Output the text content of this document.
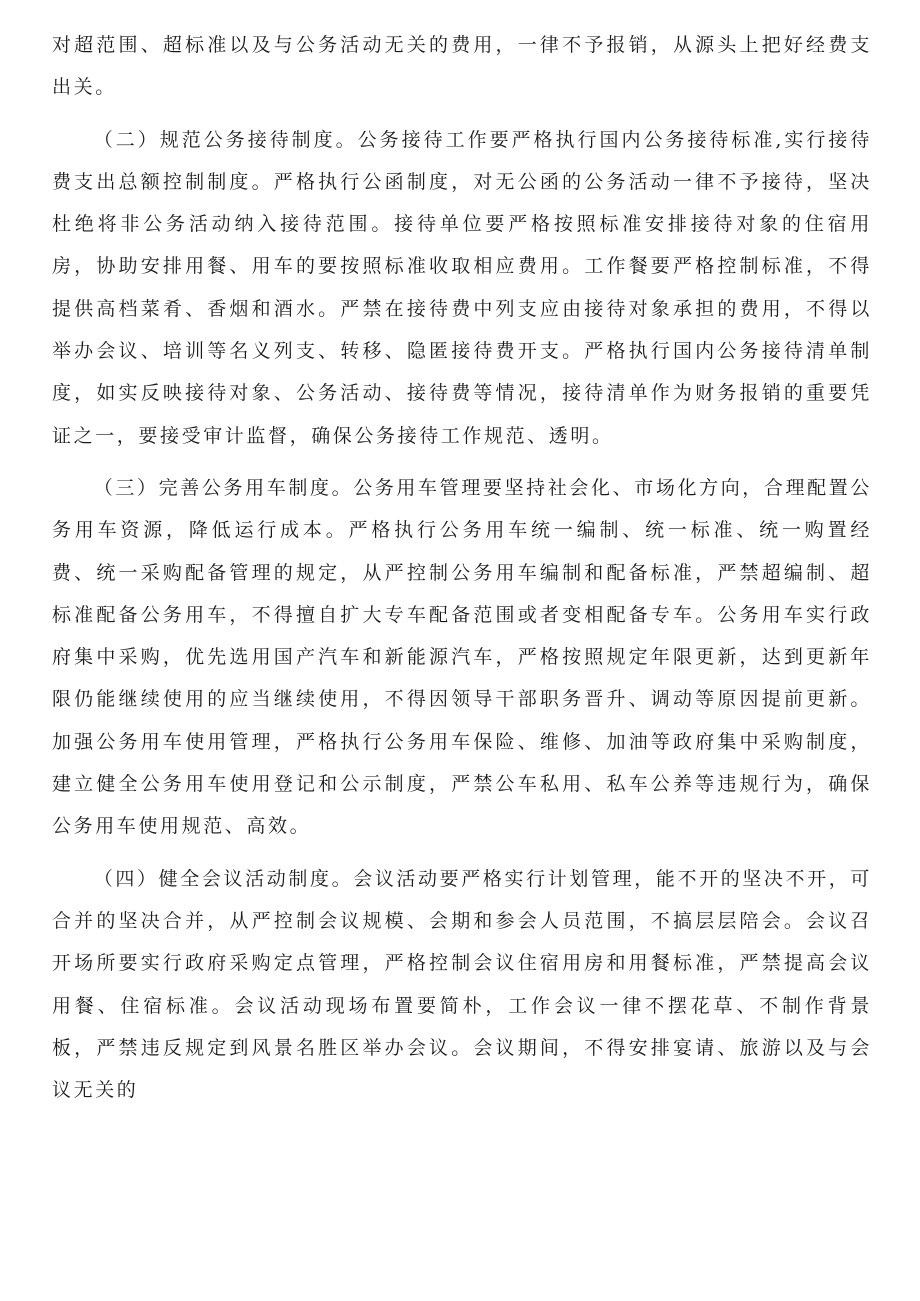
对超范围、超标准以及与公务活动无关的费用，一律不予报销，从源头上把好经费支出关。

（二）规范公务接待制度。公务接待工作要严格执行国内公务接待标准,实行接待费支出总额控制制度。严格执行公函制度，对无公函的公务活动一律不予接待，坚决杜绝将非公务活动纳入接待范围。接待单位要严格按照标准安排接待对象的住宿用房，协助安排用餐、用车的要按照标准收取相应费用。工作餐要严格控制标准，不得提供高档菜肴、香烟和酒水。严禁在接待费中列支应由接待对象承担的费用，不得以举办会议、培训等名义列支、转移、隐匿接待费开支。严格执行国内公务接待清单制度，如实反映接待对象、公务活动、接待费等情况，接待清单作为财务报销的重要凭证之一，要接受审计监督，确保公务接待工作规范、透明。

（三）完善公务用车制度。公务用车管理要坚持社会化、市场化方向，合理配置公务用车资源，降低运行成本。严格执行公务用车统一编制、统一标准、统一购置经费、统一采购配备管理的规定，从严控制公务用车编制和配备标准，严禁超编制、超标准配备公务用车，不得擅自扩大专车配备范围或者变相配备专车。公务用车实行政府集中采购，优先选用国产汽车和新能源汽车，严格按照规定年限更新，达到更新年限仍能继续使用的应当继续使用，不得因领导干部职务晋升、调动等原因提前更新。加强公务用车使用管理，严格执行公务用车保险、维修、加油等政府集中采购制度，建立健全公务用车使用登记和公示制度，严禁公车私用、私车公养等违规行为，确保公务用车使用规范、高效。

（四）健全会议活动制度。会议活动要严格实行计划管理，能不开的坚决不开，可合并的坚决合并，从严控制会议规模、会期和参会人员范围，不搞层层陪会。会议召开场所要实行政府采购定点管理，严格控制会议住宿用房和用餐标准，严禁提高会议用餐、住宿标准。会议活动现场布置要简朴，工作会议一律不摆花草、不制作背景板，严禁违反规定到风景名胜区举办会议。会议期间，不得安排宴请、旅游以及与会议无关的
